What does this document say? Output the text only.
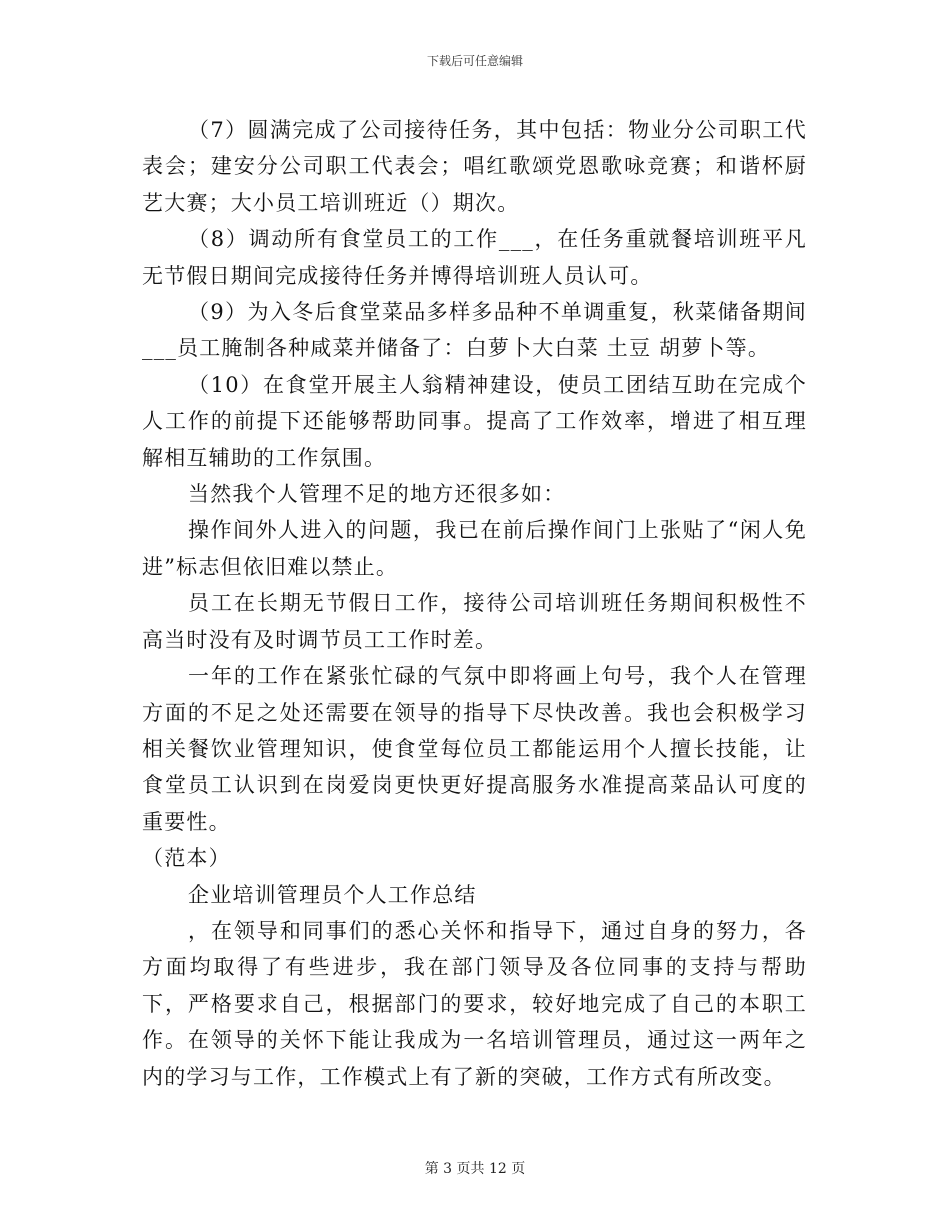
下载后可任意编辑

（7）圆满完成了公司接待任务，其中包括：物业分公司职工代表会；建安分公司职工代表会；唱红歌颂党恩歌咏竞赛；和谐杯厨艺大赛；大小员工培训班近（）期次。

（8）调动所有食堂员工的工作___，在任务重就餐培训班平凡无节假日期间完成接待任务并博得培训班人员认可。

（9）为入冬后食堂菜品多样多品种不单调重复，秋菜储备期间___员工腌制各种咸菜并储备了：白萝卜大白菜 土豆 胡萝卜等。

（10）在食堂开展主人翁精神建设，使员工团结互助在完成个人工作的前提下还能够帮助同事。提高了工作效率，增进了相互理解相互辅助的工作氛围。

当然我个人管理不足的地方还很多如：

操作间外人进入的问题，我已在前后操作间门上张贴了“闲人免进”标志但依旧难以禁止。

员工在长期无节假日工作，接待公司培训班任务期间积极性不高当时没有及时调节员工工作时差。

一年的工作在紧张忙碌的气氛中即将画上句号，我个人在管理方面的不足之处还需要在领导的指导下尽快改善。我也会积极学习相关餐饮业管理知识，使食堂每位员工都能运用个人擅长技能，让食堂员工认识到在岗爱岗更快更好提高服务水准提高菜品认可度的重要性。

（范本）

企业培训管理员个人工作总结

，在领导和同事们的悉心关怀和指导下，通过自身的努力，各方面均取得了有些进步，我在部门领导及各位同事的支持与帮助下，严格要求自己，根据部门的要求，较好地完成了自己的本职工作。在领导的关怀下能让我成为一名培训管理员，通过这一两年之内的学习与工作，工作模式上有了新的突破，工作方式有所改变。

第 3 页共 12 页
